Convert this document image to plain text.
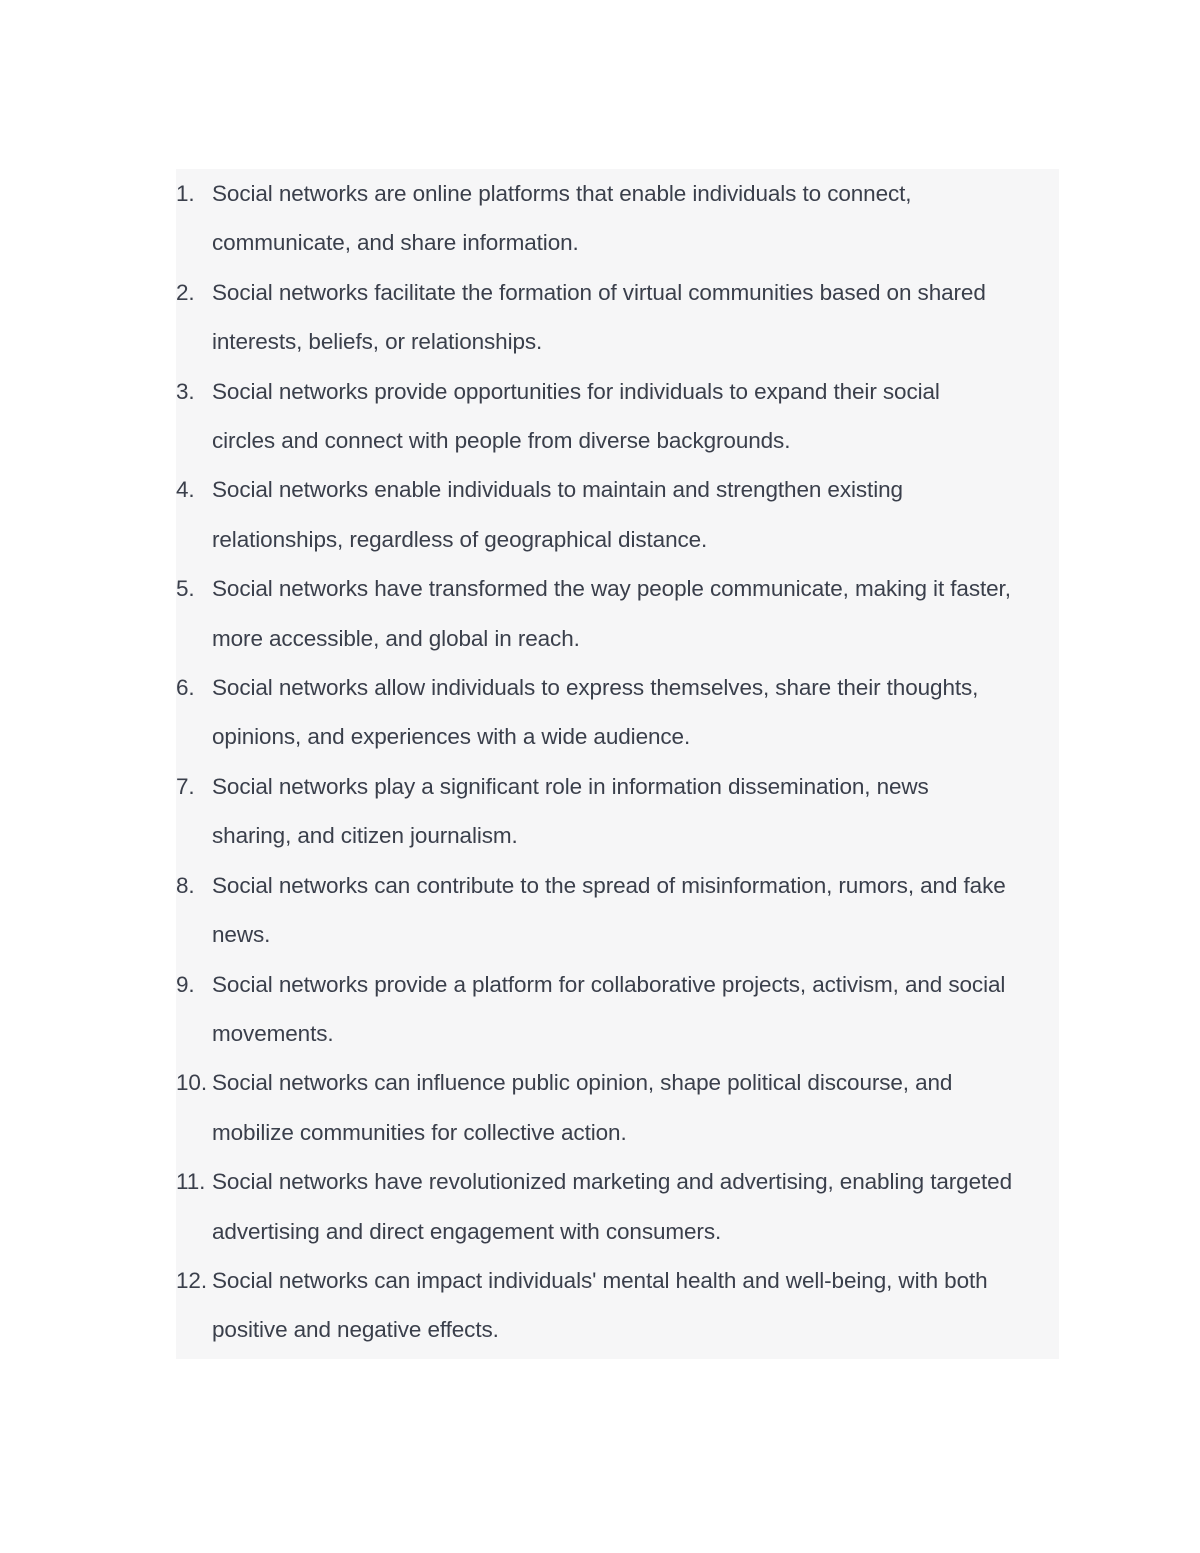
1. Social networks are online platforms that enable individuals to connect,
communicate, and share information.
2. Social networks facilitate the formation of virtual communities based on shared
interests, beliefs, or relationships.
3. Social networks provide opportunities for individuals to expand their social
circles and connect with people from diverse backgrounds.
4. Social networks enable individuals to maintain and strengthen existing
relationships, regardless of geographical distance.
5. Social networks have transformed the way people communicate, making it faster,
more accessible, and global in reach.
6. Social networks allow individuals to express themselves, share their thoughts,
opinions, and experiences with a wide audience.
7. Social networks play a significant role in information dissemination, news
sharing, and citizen journalism.
8. Social networks can contribute to the spread of misinformation, rumors, and fake
news.
9. Social networks provide a platform for collaborative projects, activism, and social
movements.
10. Social networks can influence public opinion, shape political discourse, and
mobilize communities for collective action.
11. Social networks have revolutionized marketing and advertising, enabling targeted
advertising and direct engagement with consumers.
12. Social networks can impact individuals' mental health and well-being, with both
positive and negative effects.
